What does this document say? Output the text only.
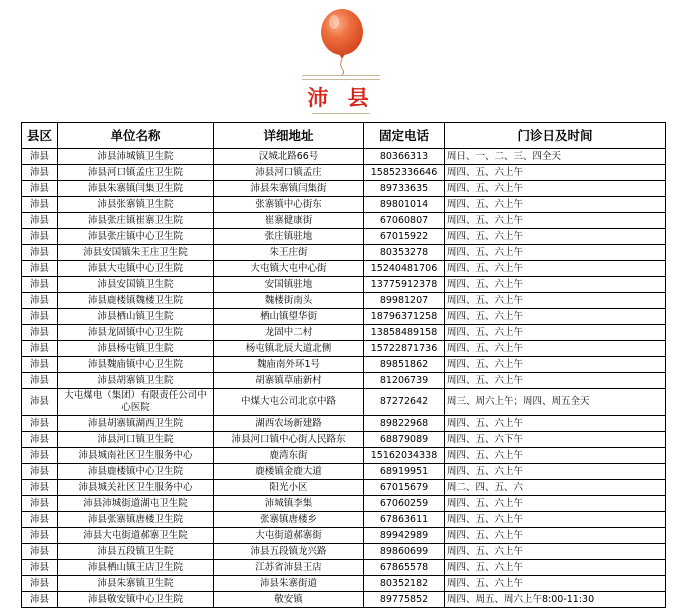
沛 县
县区	单位名称	详细地址	固定电话	门诊日及时间
沛县	沛县沛城镇卫生院	汉城北路66号	80366313	周日、一、二、三、四全天
沛县	沛县河口镇孟庄卫生院	沛县河口镇孟庄	15852336646	周四、五、六上午
沛县	沛县朱寨镇闫集卫生院	沛县朱寨镇闫集街	89733635	周四、五、六上午
沛县	沛县张寨镇卫生院	张寨镇中心街东	89801014	周四、五、六上午
沛县	沛县张庄镇崔寨卫生院	崔寨健康街	67060807	周四、五、六上午
沛县	沛县张庄镇中心卫生院	张庄镇驻地	67015922	周四、五、六上午
沛县	沛县安国镇朱王庄卫生院	朱王庄街	80353278	周四、五、六上午
沛县	沛县大屯镇中心卫生院	大屯镇大屯中心街	15240481706	周四、五、六上午
沛县	沛县安国镇卫生院	安国镇驻地	13775912378	周四、五、六上午
沛县	沛县鹿楼镇魏楼卫生院	魏楼街南头	89981207	周四、五、六上午
沛县	沛县栖山镇卫生院	栖山镇望华街	18796371258	周四、五、六上午
沛县	沛县龙固镇中心卫生院	龙固中二村	13858489158	周四、五、六上午
沛县	沛县杨屯镇卫生院	杨屯镇北辰大道北侧	15722871736	周四、五、六上午
沛县	沛县魏庙镇中心卫生院	魏庙南外环1号	89851862	周四、五、六上午
沛县	沛县胡寨镇卫生院	胡寨镇草庙新村	81206739	周四、五、六上午
沛县	大屯煤电（集团）有限责任公司中心医院	中煤大屯公司北京中路	87272642	周三、周六上午；周四、周五全天
沛县	沛县胡寨镇湖西卫生院	湖西农场新建路	89822968	周四、五、六上午
沛县	沛县河口镇卫生院	沛县河口镇中心街人民路东	68879089	周四、五、六下午
沛县	沛县城南社区卫生服务中心	鹿湾东街	15162034338	周四、五、六上午
沛县	沛县鹿楼镇中心卫生院	鹿楼镇金鹿大道	68919951	周四、五、六上午
沛县	沛县城关社区卫生服务中心	阳光小区	67015679	周二、四、五、六
沛县	沛县沛城街道湖屯卫生院	沛城镇李集	67060259	周四、五、六上午
沛县	沛县张寨镇唐楼卫生院	张寨镇唐楼乡	67863611	周四、五、六上午
沛县	沛县大屯街道郝寨卫生院	大屯街道郝寨街	89942989	周四、五、六上午
沛县	沛县五段镇卫生院	沛县五段镇龙兴路	89860699	周四、五、六上午
沛县	沛县栖山镇王店卫生院	江苏省沛县王店	67865578	周四、五、六上午
沛县	沛县朱寨镇卫生院	沛县朱寨街道	80352182	周四、五、六上午
沛县	沛县敬安镇中心卫生院	敬安镇	89775852	周四、周五、周六上午8:00-11:30
